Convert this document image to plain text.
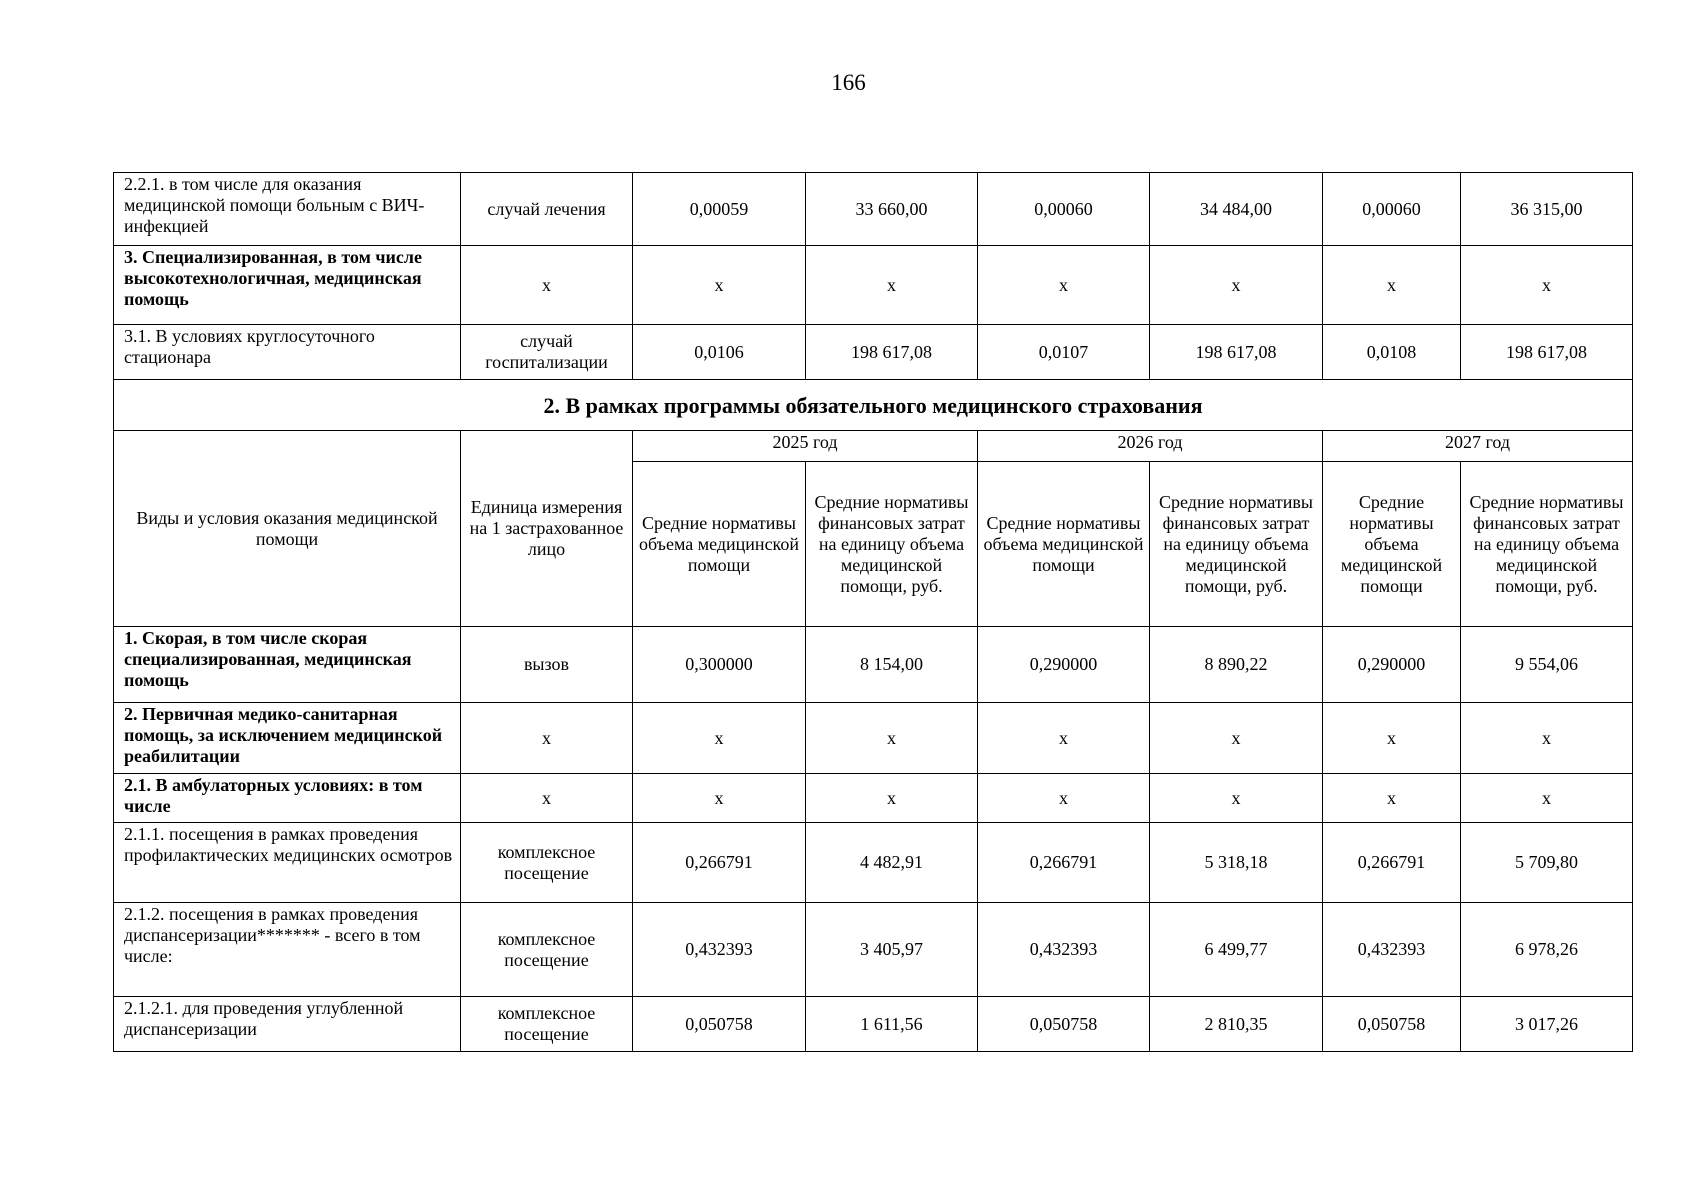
166
2.2.1. в том числе для оказания медицинской помощи больным с ВИЧ-инфекцией	случай лечения	0,00059	33 660,00	0,00060	34 484,00	0,00060	36 315,00
3. Специализированная, в том числе высокотехнологичная, медицинская помощь	х	х	х	х	х	х	х
3.1. В условиях круглосуточного стационара	случай госпитализации	0,0106	198 617,08	0,0107	198 617,08	0,0108	198 617,08
2. В рамках программы обязательного медицинского страхования							
Виды и условия оказания медицинской помощи	Единица измерения на 1 застрахованное лицо	2025 год		2026 год		2027 год	
		Средние нормативы объема медицинской помощи	Средние нормативы финансовых затрат на единицу объема медицинской помощи, руб.	Средние нормативы объема медицинской помощи	Средние нормативы финансовых затрат на единицу объема медицинской помощи, руб.	Средние нормативы объема медицинской помощи	Средние нормативы финансовых затрат на единицу объема медицинской помощи, руб.
1. Скорая, в том числе скорая специализированная, медицинская помощь	вызов	0,300000	8 154,00	0,290000	8 890,22	0,290000	9 554,06
2. Первичная медико-санитарная помощь, за исключением медицинской реабилитации	х	х	х	х	х	х	х
2.1. В амбулаторных условиях: в том числе	х	х	х	х	х	х	х
2.1.1. посещения в рамках проведения профилактических медицинских осмотров	комплексное посещение	0,266791	4 482,91	0,266791	5 318,18	0,266791	5 709,80
2.1.2. посещения в рамках проведения диспансеризации******* - всего в том числе:	комплексное посещение	0,432393	3 405,97	0,432393	6 499,77	0,432393	6 978,26
2.1.2.1. для проведения углубленной диспансеризации	комплексное посещение	0,050758	1 611,56	0,050758	2 810,35	0,050758	3 017,26
